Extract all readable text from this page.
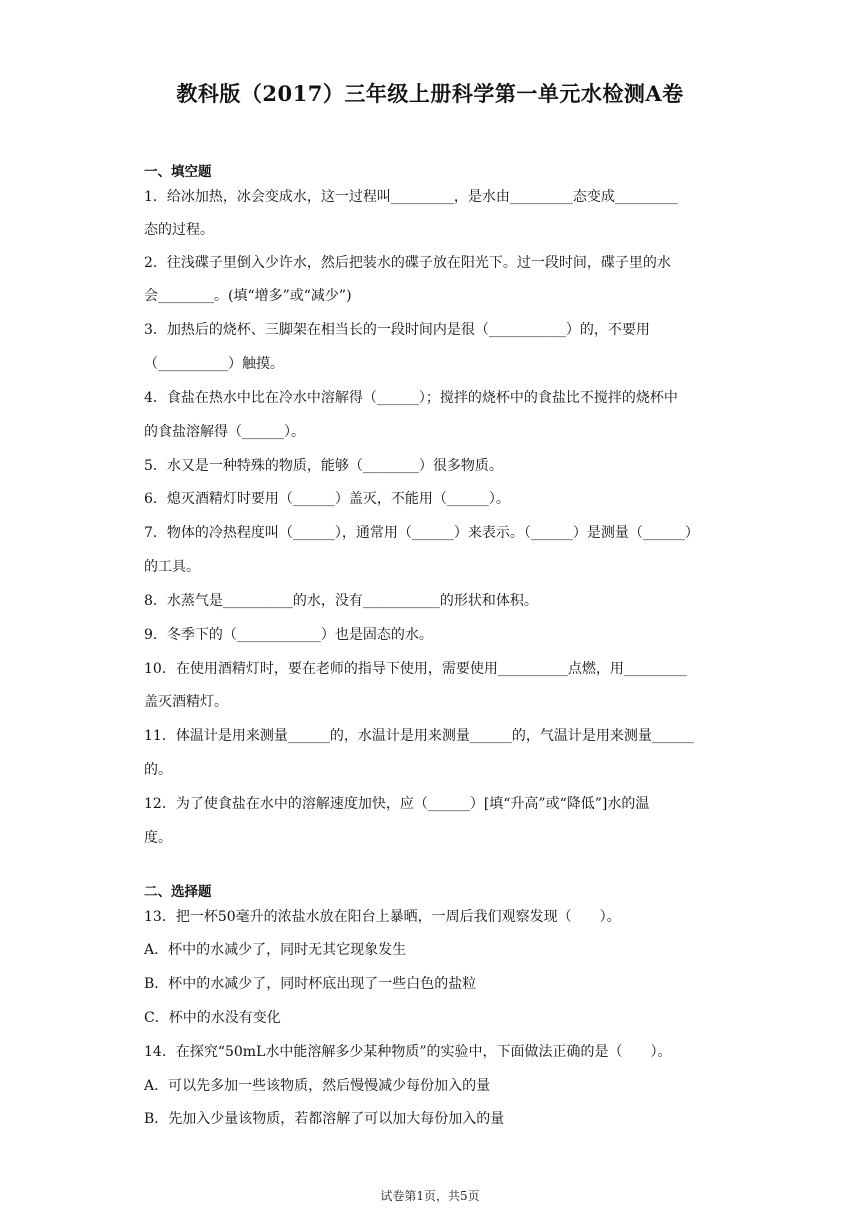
教科版（2017）三年级上册科学第一单元水检测A卷
一、填空题
1．给冰加热，冰会变成水，这一过程叫_________，是水由_________态变成_________
态的过程。
2．往浅碟子里倒入少许水，然后把装水的碟子放在阳光下。过一段时间，碟子里的水
会________。(填“增多”或“减少”)
3．加热后的烧杯、三脚架在相当长的一段时间内是很（___________）的，不要用
（__________）触摸。
4．食盐在热水中比在冷水中溶解得（______）；搅拌的烧杯中的食盐比不搅拌的烧杯中
的食盐溶解得（______）。
5．水又是一种特殊的物质，能够（________）很多物质。
6．熄灭酒精灯时要用（______）盖灭，不能用（______）。
7．物体的冷热程度叫（______），通常用（______）来表示。（______）是测量（______）
的工具。
8．水蒸气是__________的水，没有___________的形状和体积。
9．冬季下的（____________）也是固态的水。
10．在使用酒精灯时，要在老师的指导下使用，需要使用__________点燃，用_________
盖灭酒精灯。
11．体温计是用来测量______的，水温计是用来测量______的，气温计是用来测量______
的。
12．为了使食盐在水中的溶解速度加快，应（______）[填“升高”或“降低”]水的温
度。
二、选择题
13．把一杯50毫升的浓盐水放在阳台上暴晒，一周后我们观察发现（　　）。
A．杯中的水减少了，同时无其它现象发生
B．杯中的水减少了，同时杯底出现了一些白色的盐粒
C．杯中的水没有变化
14．在探究“50mL水中能溶解多少某种物质”的实验中，下面做法正确的是（　　）。
A．可以先多加一些该物质，然后慢慢减少每份加入的量
B．先加入少量该物质，若都溶解了可以加大每份加入的量
试卷第1页，共5页
